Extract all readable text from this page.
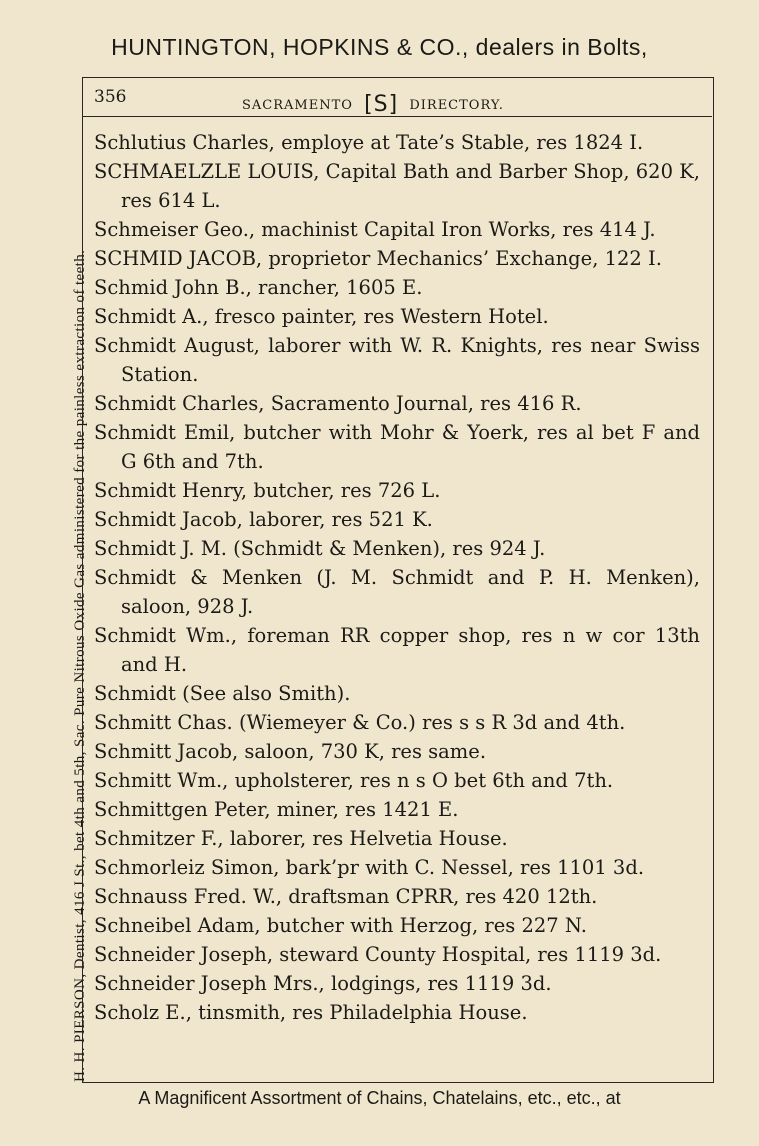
HUNTINGTON, HOPKINS & CO., dealers in Bolts,
H. H. PIERSON, Dentist, 416 J St., bet 4th and 5th, Sac. Pure Nitrous Oxide Gas administered for the painless extraction of teeth.
356	SACRAMENTO [S] DIRECTORY.
Schlutius Charles, employe at Tate’s Stable, res 1824 I.
SCHMAELZLE LOUIS, Capital Bath and Barber Shop, 620 K, res 614 L.
Schmeiser Geo., machinist Capital Iron Works, res 414 J.
SCHMID JACOB, proprietor Mechanics’ Exchange, 122 I.
Schmid John B., rancher, 1605 E.
Schmidt A., fresco painter, res Western Hotel.
Schmidt August, laborer with W. R. Knights, res near Swiss Station.
Schmidt Charles, Sacramento Journal, res 416 R.
Schmidt Emil, butcher with Mohr & Yoerk, res al bet F and G 6th and 7th.
Schmidt Henry, butcher, res 726 L.
Schmidt Jacob, laborer, res 521 K.
Schmidt J. M. (Schmidt & Menken), res 924 J.
Schmidt & Menken (J. M. Schmidt and P. H. Menken), saloon, 928 J.
Schmidt Wm., foreman RR copper shop, res n w cor 13th and H.
Schmidt (See also Smith).
Schmitt Chas. (Wiemeyer & Co.) res s s R 3d and 4th.
Schmitt Jacob, saloon, 730 K, res same.
Schmitt Wm., upholsterer, res n s O bet 6th and 7th.
Schmittgen Peter, miner, res 1421 E.
Schmitzer F., laborer, res Helvetia House.
Schmorleiz Simon, bark’pr with C. Nessel, res 1101 3d.
Schnauss Fred. W., draftsman CPRR, res 420 12th.
Schneibel Adam, butcher with Herzog, res 227 N.
Schneider Joseph, steward County Hospital, res 1119 3d.
Schneider Joseph Mrs., lodgings, res 1119 3d.
Scholz E., tinsmith, res Philadelphia House.
A Magnificent Assortment of Chains, Chatelains, etc., etc., at
